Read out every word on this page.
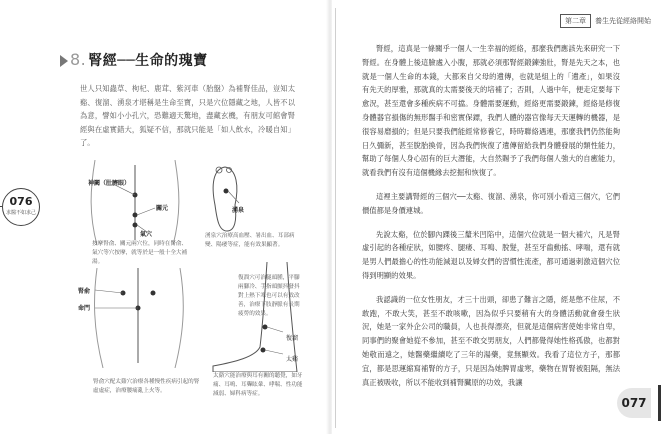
第二章	養生先從經絡開始
8. 腎經──生命的瑰寶
世人只知蟲草、枸杞、鹿茸、紫河車（胎盤）為補腎佳品，豈知太谿、復溜、湧泉才堪稱是生命至寶，只是穴位隱藏之地，人皆不以為意，譬如小小孔穴，恐難適天驚地，盡藏玄機，有朋友可館會腎經與在虛實錯大，狐疑不信，那就只能是「如人飲水，冷暖自知」了。
076
求醫不如求己
神闕（肚臍眼）
關元
氣穴
按摩腎俞、關元兩穴位，同時在腎俞、氣穴等穴按摩，就等於是一般十全大補湯。
湧泉
湧泉穴治療高血壓、暑出血、耳部病變、陽痿等症，能有效果顯著。
腎俞
命門
腎俞穴配太谿穴治療各種慢性疾病引起的腎虛虛症，治療腰痛亂上火等。
復溜穴可治腿頭腫，平腳兩腳冷、手指頭顫抖發抖對上熱下寒也可以有效改善，治療下肢靜脈有長期疲勞的效果。
復溜
太谿
太谿穴能治療與耳有關的聽覺，如牙痛、耳鳴、耳聾眩暈、哮喘、性功能減弱、婦科病等症。

腎經，這真是一條關乎一個人一生幸福的經絡，那麼我們應該先來研究一下腎經。在身體上後這臉處入小腹，那就必須那腎經鍛鍊強壯，腎是先天之本，也就是一個人生命的本錢，大都來自父母的遺傳，也就是組上的「遺產」，如果沒有先天的厚雅，那就真的太需要後天的培補了；否則，人過中年，便走定要每下愈況，甚至還會多種疾病不可擋。身體需要運動，經絡更需要鍛鍊，經絡是修復身體器官損傷的無形醫手和密實保鏢，我們人體的器官像每天天運轉的機器，是很容易磨損的；但是只要我們能經常修養它，時時聯絡遇連，那麼我們仍然能夠日久彌新，甚至脫胎換骨，因為我們恢復了遺傳留給我們身體發展的類性能力，幫助了每個人身心固有的巨大潛能，大自然賜予了我們每個人強大的自癒能力，就看我們有沒有這個機緣去挖掘和恢復了。

這裡主要講腎經的三個穴──太谿、復溜、湧泉，你可別小看這三個穴，它們價值都是身價連城。

先說太谿，位於腳內踝後三釐米凹陷中，這個穴位就是一個大補穴，凡是腎虛引起的各種症狀，如腰疼、腿痿、耳鳴、脫髮，甚至牙齒動搖、哮喘，還有就是男人們最擔心的性功能減退以及婦女們的習慣性流產，都可通過刺激這個穴位得到明顯的效果。

我認識的一位女性朋友，才三十出頭，卻患了難言之隱，經是憋不住尿，不敢跑，不敢大笑，甚至不敢咳嗽，因為似乎只要稍有大的身體活動就會發生狀況，她是一家外企公司的職員，人也長得漂亮，但就是這個病害使她非常自卑，同事們的聚會她從不參加，甚至不敢交男朋友，人們都覺得她性格孤傲，也都對她敬而遠之，她醫藥繼續吃了三年的湯藥，竟無顯效。我看了這位方子，那都宜，都是思運縮寫補腎的方子，只是因為她脾胃虛寒，藥物在胃腎被阻隔，無法真正被吸收，所以不能收到補腎臟原的功效，我讓

077
